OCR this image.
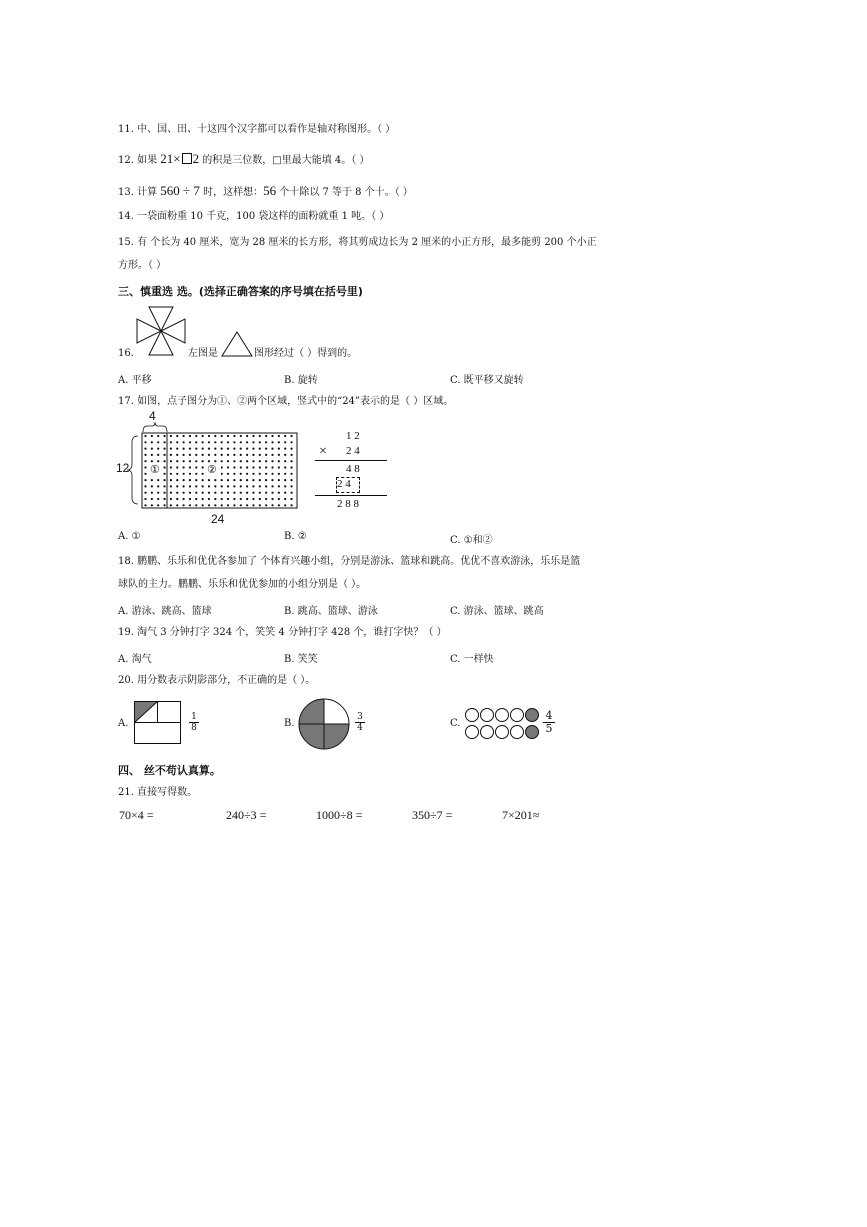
11. 中、国、田、十这四个汉字都可以看作是轴对称图形。（ ）
12. 如果 21× 2 的积是三位数，□里最大能填 4。（ ）
13. 计算 560 ÷ 7 时，这样想：56 个十除以 7 等于 8 个十。（ ）
14. 一袋面粉重 10 千克，100 袋这样的面粉就重 1 吨。（ ）
15. 有 个长为 40 厘米，宽为 28 厘米的长方形，将其剪成边长为 2 厘米的小正方形，最多能剪 200 个小正
方形。（ ）
三、慎重选 选。(选择正确答案的序号填在括号里)
16.	左图是	图形经过（ ）得到的。
A. 平移	B. 旋转	C. 既平移又旋转
17. 如图，点子图分为①、②两个区域，竖式中的“24”表示的是（ ）区域。
4
12
24
①	②
1 2
× 2 4
4 8
2 4
2 8 8
A. ①	B. ②	C. ①和②
18. 鹏鹏、乐乐和优优各参加了 个体育兴趣小组，分别是游泳、篮球和跳高。优优不喜欢游泳，乐乐是篮
球队的主力。鹏鹏、乐乐和优优参加的小组分别是（ ）。
A. 游泳、跳高、篮球	B. 跳高、篮球、游泳	C. 游泳、篮球、跳高
19. 淘气 3 分钟打字 324 个，笑笑 4 分钟打字 428 个，谁打字快？（ ）
A. 淘气	B. 笑笑	C. 一样快
20. 用分数表示阴影部分，不正确的是（ ）。
A.
1
8	B.
3
4	C.
4
5
四、 丝不苟认真算。
21. 直接写得数。
70×4 =	240÷3 =	1000÷8 =	350÷7 =	7×201≈
